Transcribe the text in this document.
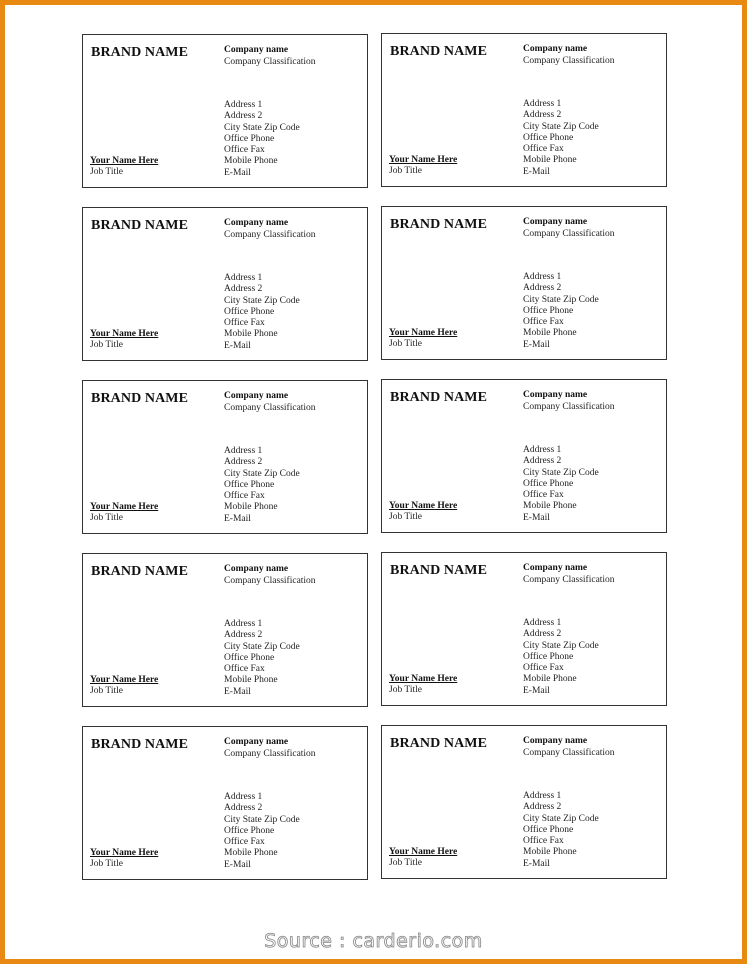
BRAND NAME	Company name
Company Classification
Address 1
Address 2
City State Zip Code
Office Phone
Office Fax
Mobile Phone
E-Mail
Your Name Here
Job Title
BRAND NAME	Company name
Company Classification
Address 1
Address 2
City State Zip Code
Office Phone
Office Fax
Mobile Phone
E-Mail
Your Name Here
Job Title
BRAND NAME	Company name
Company Classification
Address 1
Address 2
City State Zip Code
Office Phone
Office Fax
Mobile Phone
E-Mail
Your Name Here
Job Title
BRAND NAME	Company name
Company Classification
Address 1
Address 2
City State Zip Code
Office Phone
Office Fax
Mobile Phone
E-Mail
Your Name Here
Job Title
BRAND NAME	Company name
Company Classification
Address 1
Address 2
City State Zip Code
Office Phone
Office Fax
Mobile Phone
E-Mail
Your Name Here
Job Title
BRAND NAME	Company name
Company Classification
Address 1
Address 2
City State Zip Code
Office Phone
Office Fax
Mobile Phone
E-Mail
Your Name Here
Job Title
BRAND NAME	Company name
Company Classification
Address 1
Address 2
City State Zip Code
Office Phone
Office Fax
Mobile Phone
E-Mail
Your Name Here
Job Title
BRAND NAME	Company name
Company Classification
Address 1
Address 2
City State Zip Code
Office Phone
Office Fax
Mobile Phone
E-Mail
Your Name Here
Job Title
BRAND NAME	Company name
Company Classification
Address 1
Address 2
City State Zip Code
Office Phone
Office Fax
Mobile Phone
E-Mail
Your Name Here
Job Title
BRAND NAME	Company name
Company Classification
Address 1
Address 2
City State Zip Code
Office Phone
Office Fax
Mobile Phone
E-Mail
Your Name Here
Job Title
Source : carderio.com
